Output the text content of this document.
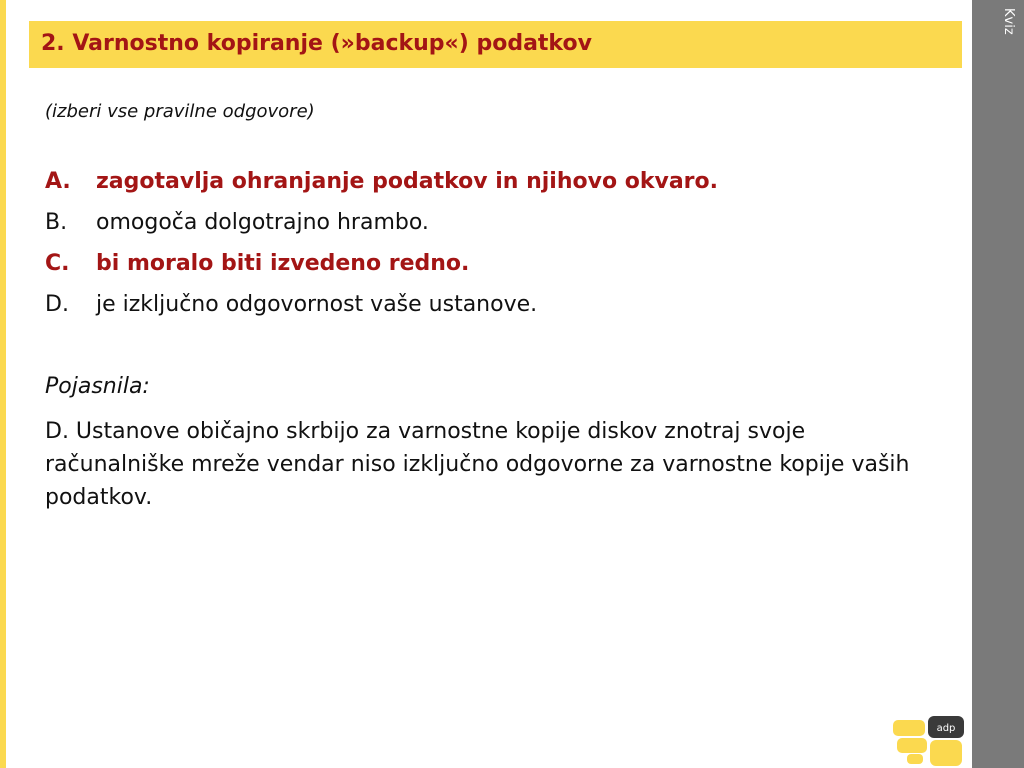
Kviz
2. Varnostno kopiranje (»backup«) podatkov
(izberi vse pravilne odgovore)
A.	zagotavlja ohranjanje podatkov in njihovo okvaro.
B.	omogoča dolgotrajno hrambo.
C.	bi moralo biti izvedeno redno.
D.	je izključno odgovornost vaše ustanove.
Pojasnila:
D. Ustanove običajno skrbijo za varnostne kopije diskov znotraj svoje računalniške mreže vendar niso izključno odgovorne za varnostne kopije vaših podatkov.
adp
